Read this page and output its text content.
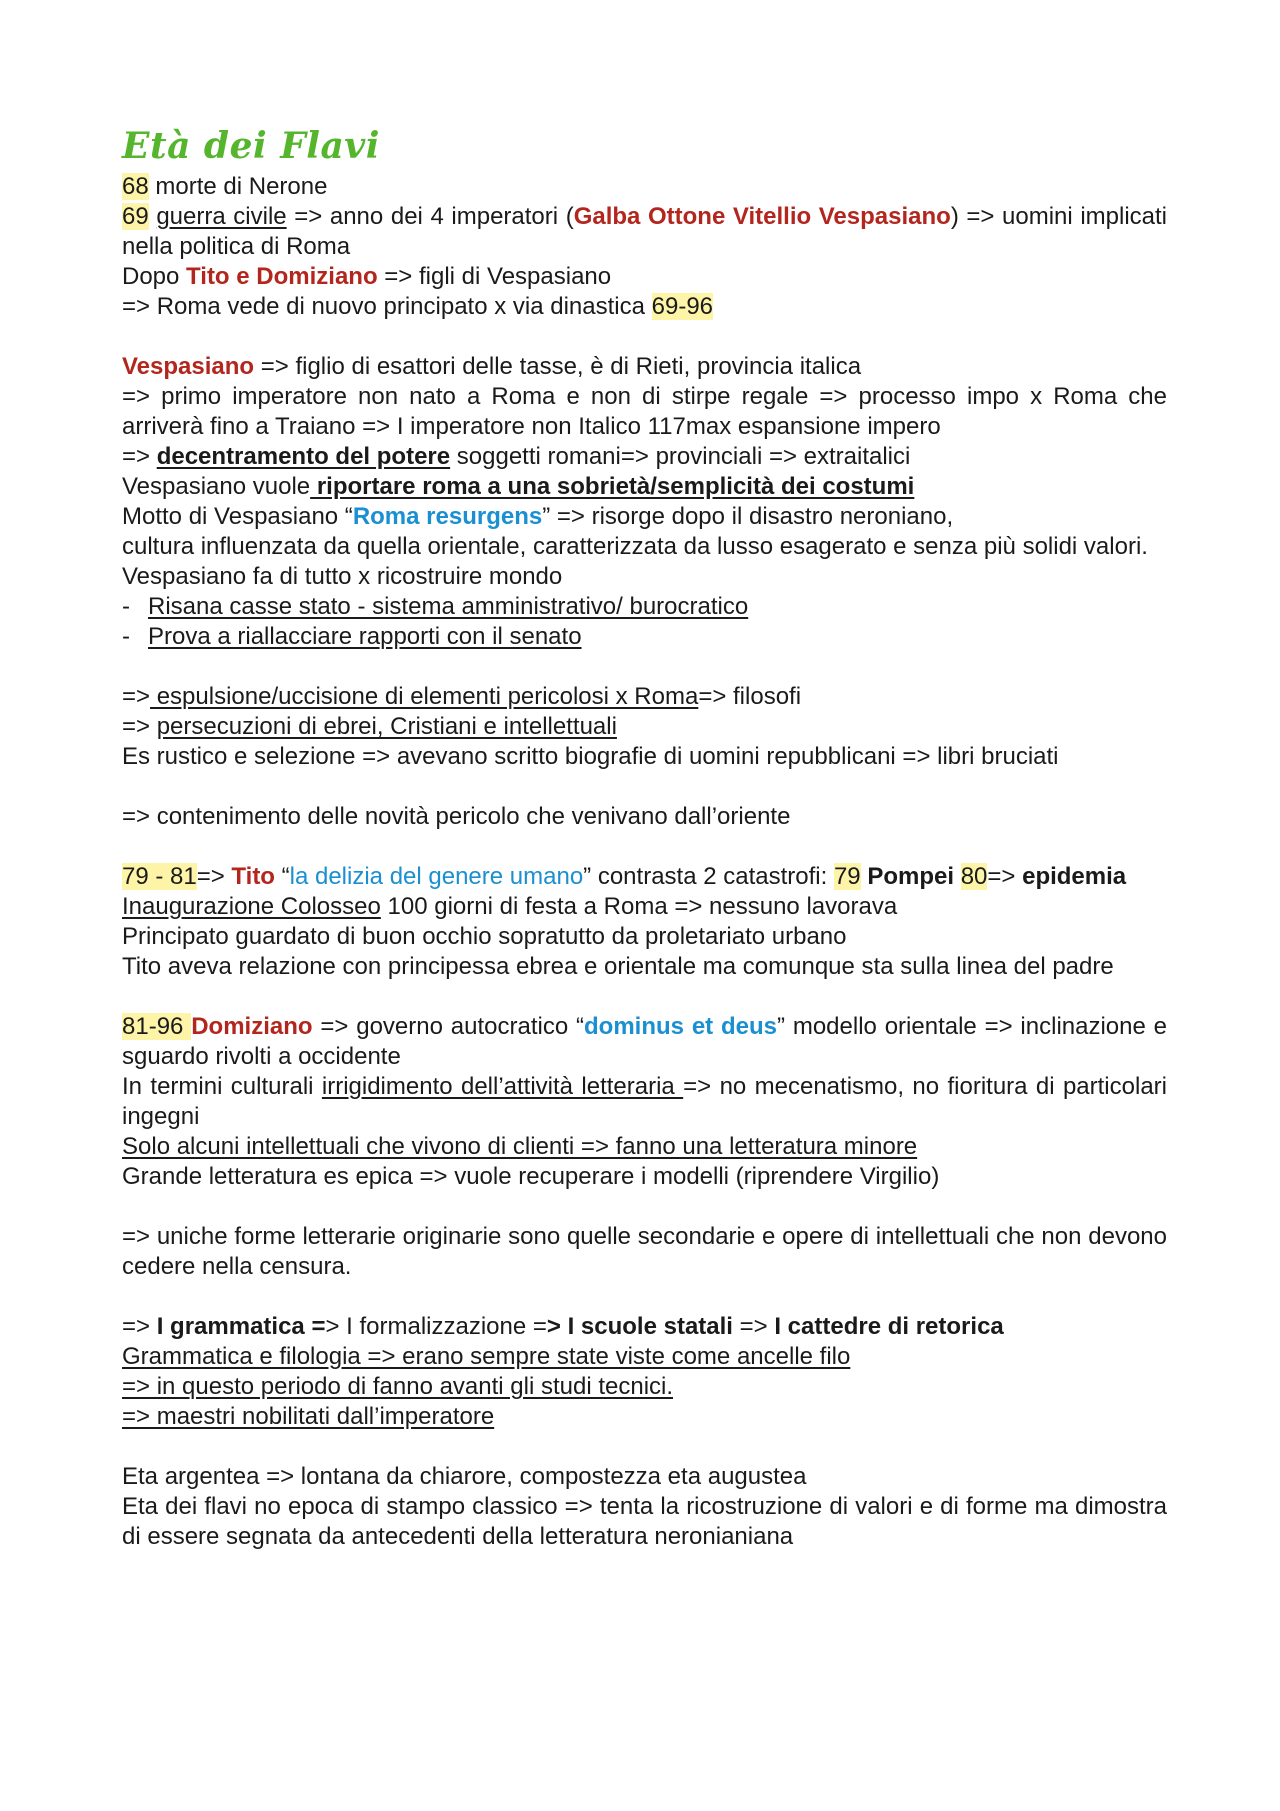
Età dei Flavi

68 morte di Nerone

69 guerra civile => anno dei 4 imperatori (Galba Ottone Vitellio Vespasiano) => uomini implicati nella politica di Roma

Dopo Tito e Domiziano => figli di Vespasiano

=> Roma vede di nuovo principato x via dinastica 69-96

Vespasiano => figlio di esattori delle tasse, è di Rieti, provincia italica

=> primo imperatore non nato a Roma e non di stirpe regale => processo impo x Roma che arriverà fino a Traiano => I imperatore non Italico 117max espansione impero

=> decentramento del potere soggetti romani=> provinciali => extraitalici

Vespasiano vuole riportare roma a una sobrietà/semplicità dei costumi

Motto di Vespasiano “Roma resurgens” => risorge dopo il disastro neroniano,

cultura influenzata da quella orientale, caratterizzata da lusso esagerato e senza più solidi valori.

Vespasiano fa di tutto x ricostruire mondo

- Risana casse stato - sistema amministrativo/ burocratico
- Prova a riallacciare rapporti con il senato

=> espulsione/uccisione di elementi pericolosi x Roma=> filosofi

=> persecuzioni di ebrei, Cristiani e intellettuali

Es rustico e selezione => avevano scritto biografie di uomini repubblicani => libri bruciati

=> contenimento delle novità pericolo che venivano dall’oriente

79 - 81=> Tito “la delizia del genere umano” contrasta 2 catastrofi: 79 Pompei 80=> epidemia

Inaugurazione Colosseo 100 giorni di festa a Roma => nessuno lavorava

Principato guardato di buon occhio sopratutto da proletariato urbano

Tito aveva relazione con principessa ebrea e orientale ma comunque sta sulla linea del padre

81-96 Domiziano => governo autocratico “dominus et deus” modello orientale => inclinazione e sguardo rivolti a occidente

In termini culturali irrigidimento dell’attività letteraria => no mecenatismo, no fioritura di particolari ingegni

Solo alcuni intellettuali che vivono di clienti => fanno una letteratura minore

Grande letteratura es epica => vuole recuperare i modelli (riprendere Virgilio)

=> uniche forme letterarie originarie sono quelle secondarie e opere di intellettuali che non devono cedere nella censura.

=> I grammatica => I formalizzazione => I scuole statali => I cattedre di retorica

Grammatica e filologia => erano sempre state viste come ancelle filo

=> in questo periodo di fanno avanti gli studi tecnici.

=> maestri nobilitati dall’imperatore

Eta argentea => lontana da chiarore, compostezza eta augustea

Eta dei flavi no epoca di stampo classico => tenta la ricostruzione di valori e di forme ma dimostra di essere segnata da antecedenti della letteratura neronianiana
